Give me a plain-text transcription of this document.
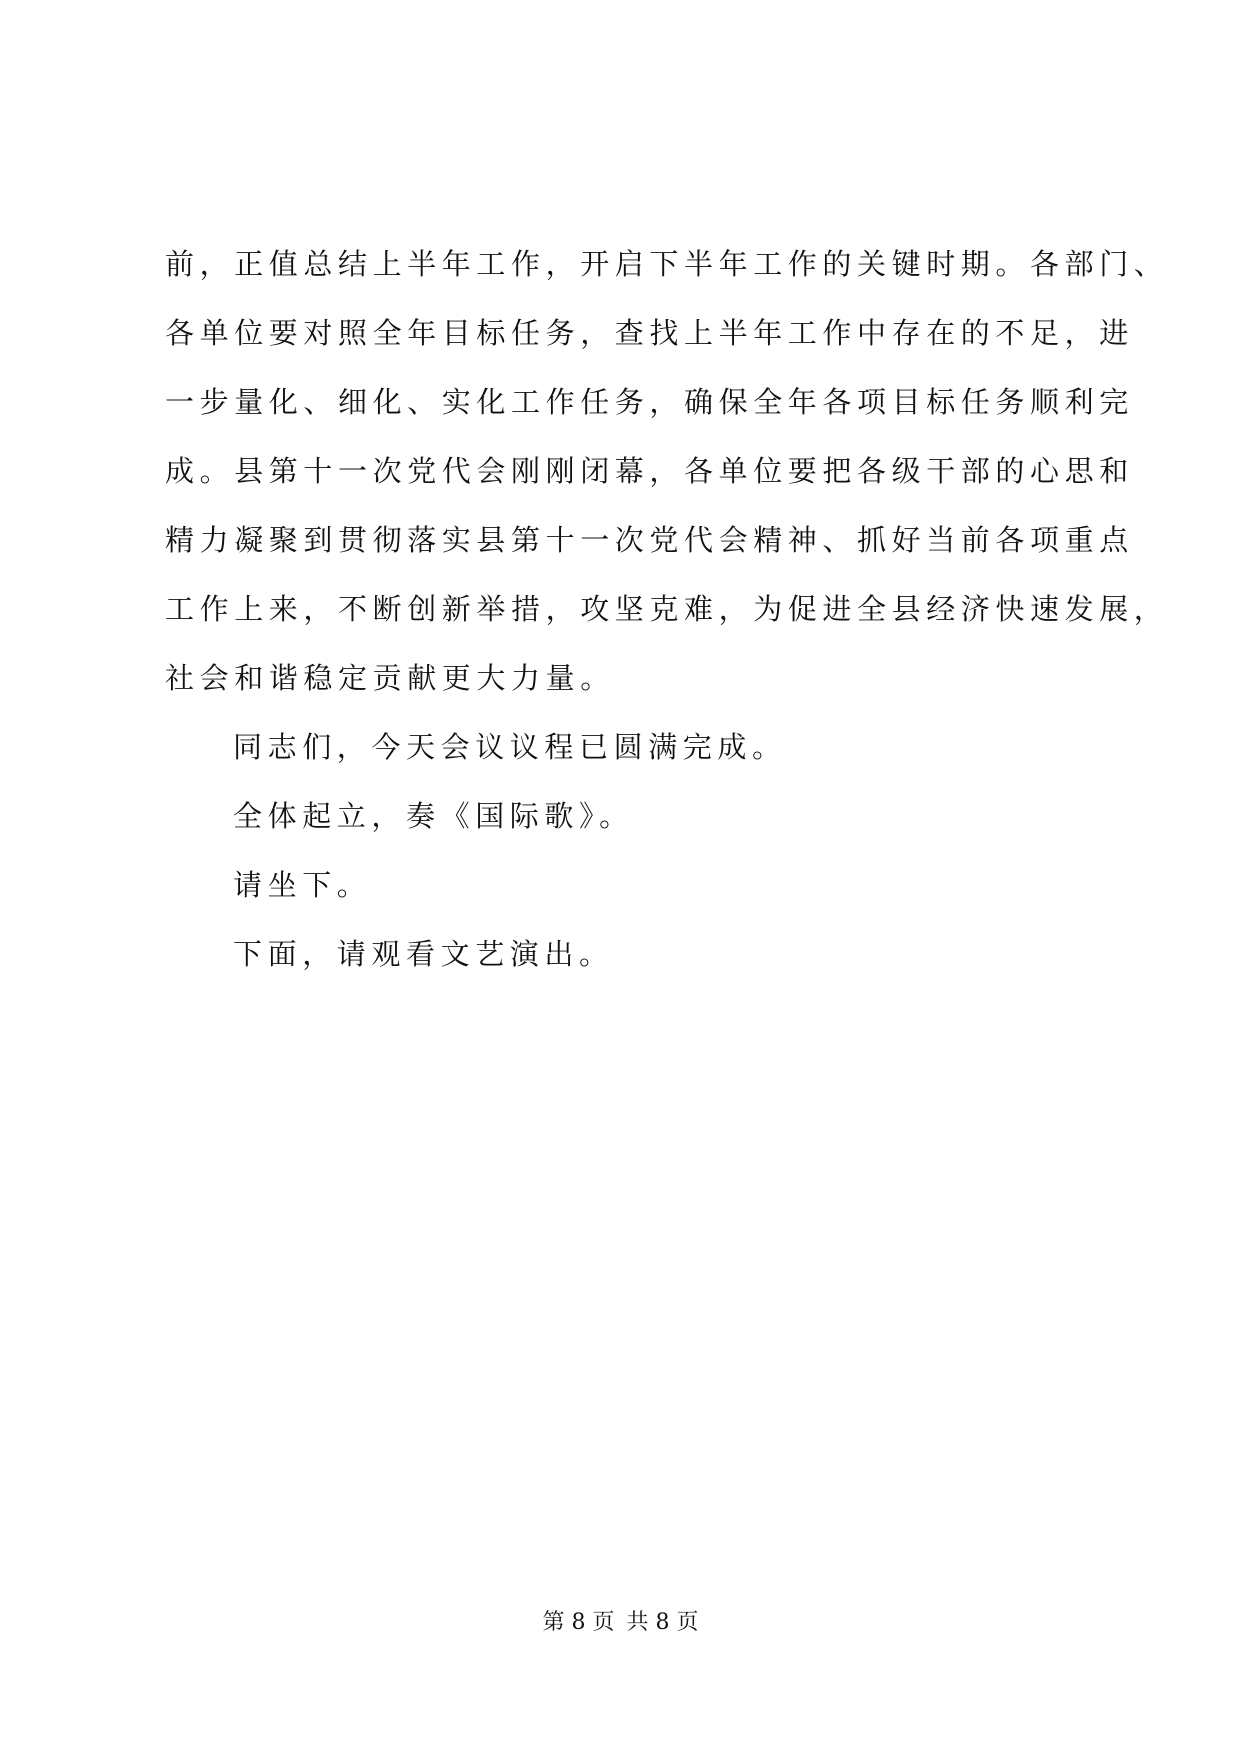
前，正值总结上半年工作，开启下半年工作的关键时期。各部门、
各单位要对照全年目标任务，查找上半年工作中存在的不足，进
一步量化、细化、实化工作任务，确保全年各项目标任务顺利完
成。县第十一次党代会刚刚闭幕，各单位要把各级干部的心思和
精力凝聚到贯彻落实县第十一次党代会精神、抓好当前各项重点
工作上来，不断创新举措，攻坚克难，为促进全县经济快速发展，
社会和谐稳定贡献更大力量。
同志们，今天会议议程已圆满完成。
全体起立，奏《国际歌》。
请坐下。
下面，请观看文艺演出。
第 8 页 共 8 页
